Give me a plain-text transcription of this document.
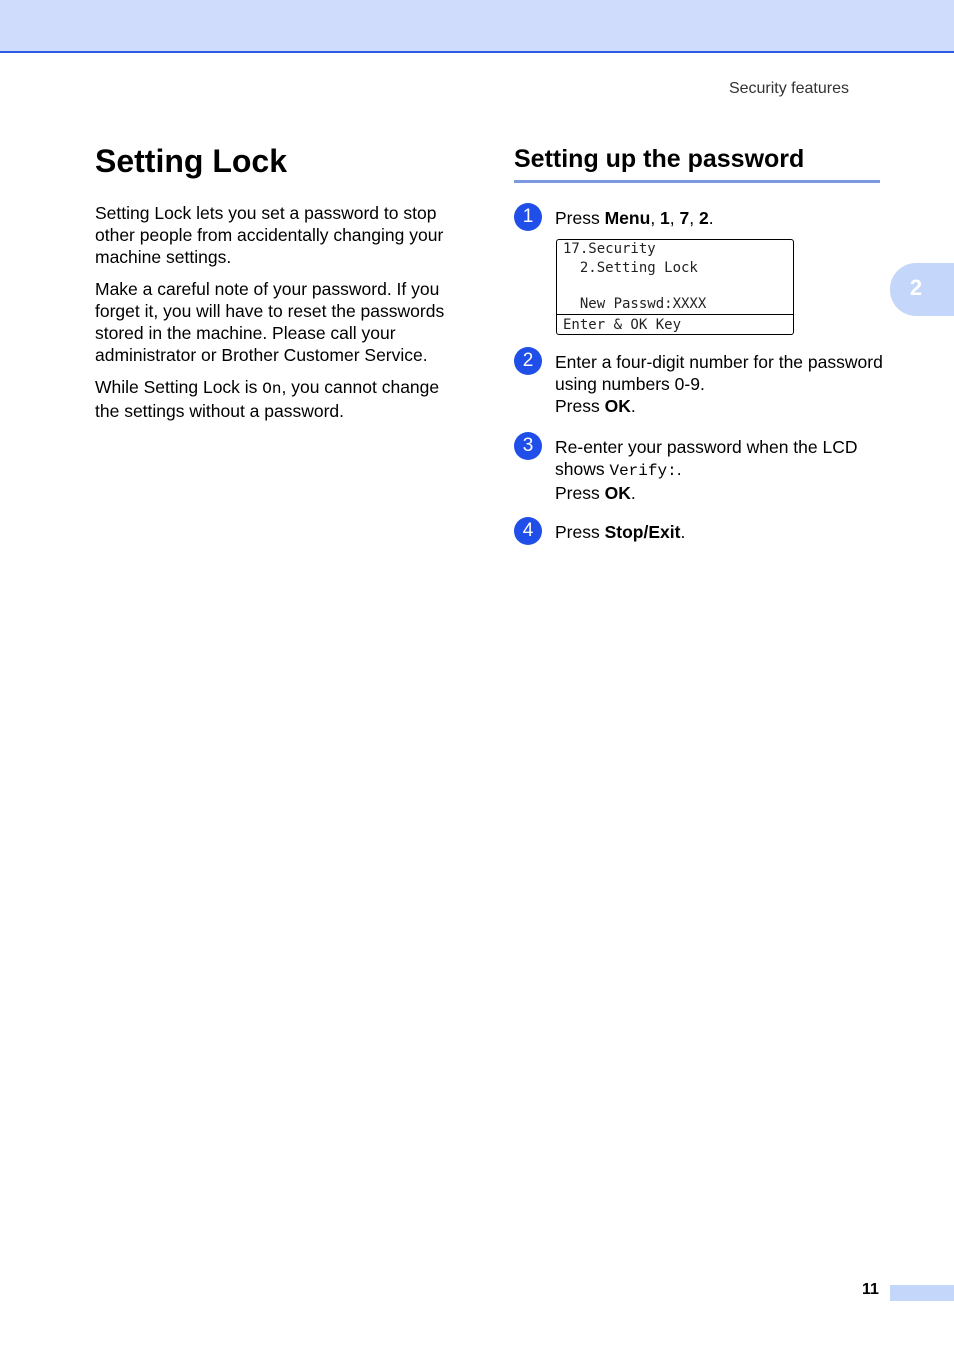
Security features
2
Setting Lock

Setting Lock lets you set a password to stop other people from accidentally changing your machine settings.

Make a careful note of your password. If you forget it, you will have to reset the passwords stored in the machine. Please call your administrator or Brother Customer Service.

While Setting Lock is On, you cannot change the settings without a password.

Setting up the password
1	Press Menu, 1, 7, 2.
17.Security
2.Setting Lock
New Passwd:XXXX
Enter & OK Key
2	Enter a four-digit number for the password using numbers 0-9.
Press OK.
3	Re-enter your password when the LCD shows Verify:.
Press OK.
4	Press Stop/Exit.
11
